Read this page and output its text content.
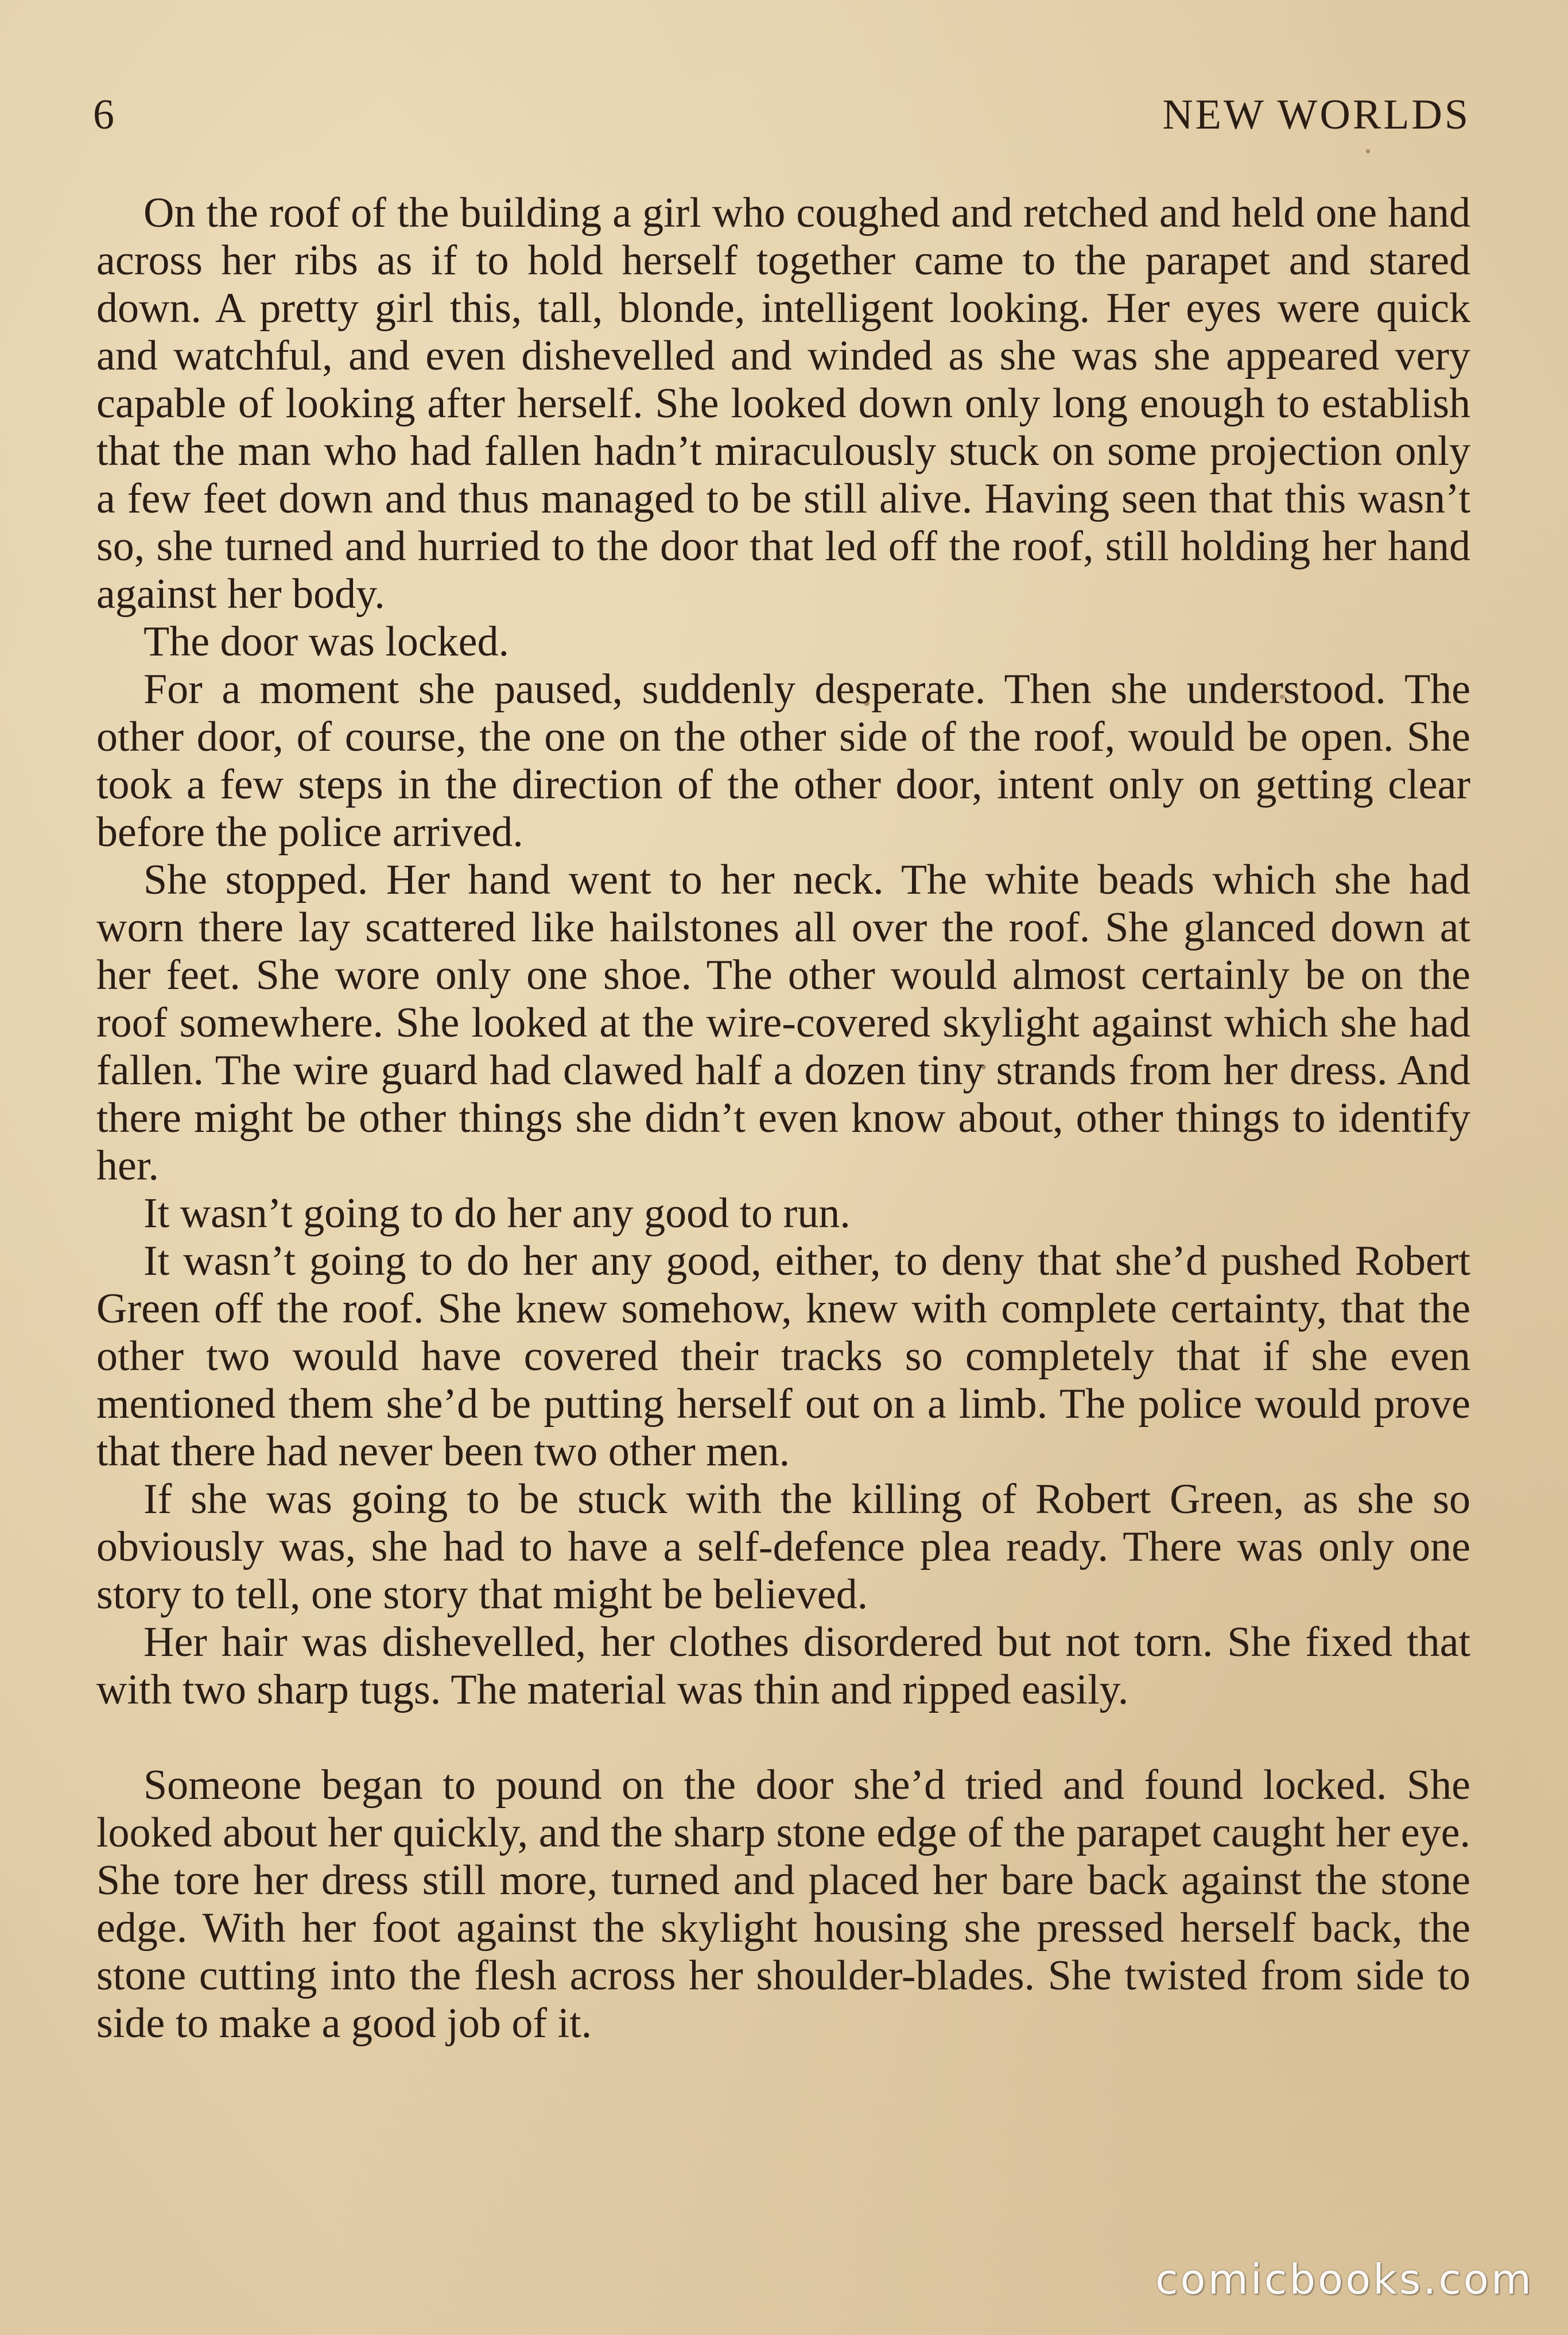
6	NEW WORLDS

On the roof of the building a girl who coughed and retched and held one hand across her ribs as if to hold herself together came to the parapet and stared down. A pretty girl this, tall, blonde, intelligent looking. Her eyes were quick and watchful, and even dishevelled and winded as she was she appeared very capable of looking after herself. She looked down only long enough to establish that the man who had fallen hadn’t miraculously stuck on some projection only a few feet down and thus managed to be still alive. Having seen that this wasn’t so, she turned and hurried to the door that led off the roof, still holding her hand against her body.

The door was locked.

For a moment she paused, suddenly desperate. Then she understood. The other door, of course, the one on the other side of the roof, would be open. She took a few steps in the direction of the other door, intent only on getting clear before the police arrived.

She stopped. Her hand went to her neck. The white beads which she had worn there lay scattered like hailstones all over the roof. She glanced down at her feet. She wore only one shoe. The other would almost certainly be on the roof somewhere. She looked at the wire-covered skylight against which she had fallen. The wire guard had clawed half a dozen tiny strands from her dress. And there might be other things she didn’t even know about, other things to identify her.

It wasn’t going to do her any good to run.

It wasn’t going to do her any good, either, to deny that she’d pushed Robert Green off the roof. She knew somehow, knew with complete certainty, that the other two would have covered their tracks so completely that if she even mentioned them she’d be putting herself out on a limb. The police would prove that there had never been two other men.

If she was going to be stuck with the killing of Robert Green, as she so obviously was, she had to have a self-defence plea ready. There was only one story to tell, one story that might be believed.

Her hair was dishevelled, her clothes disordered but not torn. She fixed that with two sharp tugs. The material was thin and ripped easily.

Someone began to pound on the door she’d tried and found locked. She looked about her quickly, and the sharp stone edge of the parapet caught her eye. She tore her dress still more, turned and placed her bare back against the stone edge. With her foot against the skylight housing she pressed herself back, the stone cutting into the flesh across her shoulder-blades. She twisted from side to side to make a good job of it.

comicbooks.com
